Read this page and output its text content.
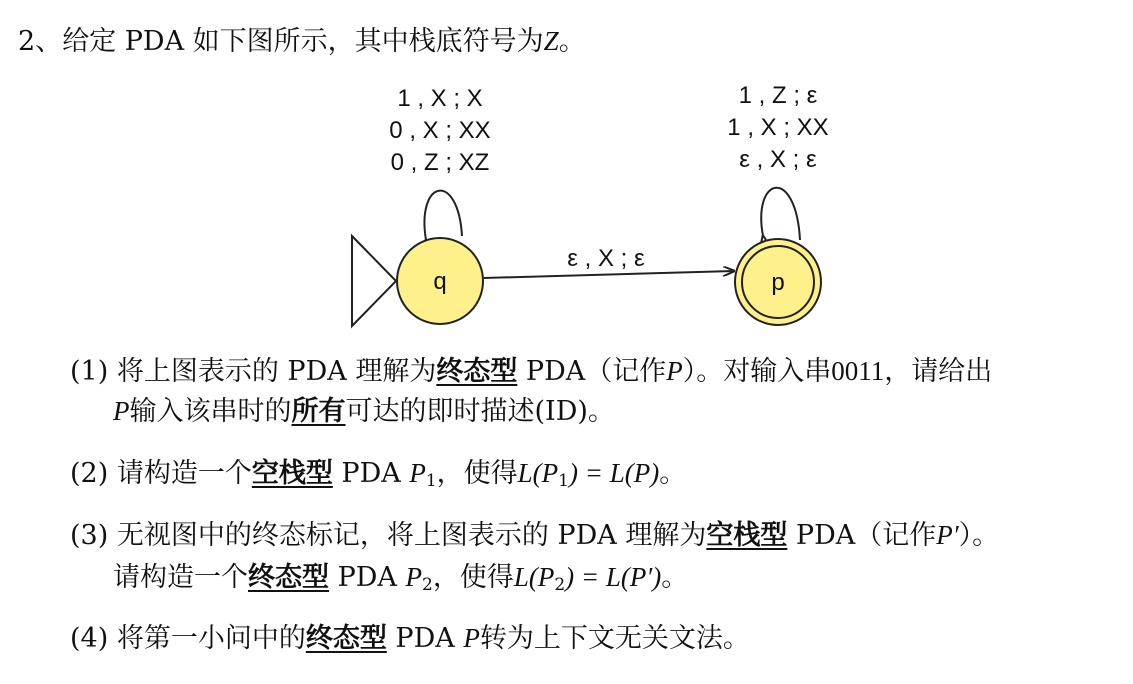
2、给定 PDA 如下图所示，其中栈底符号为Z。
1 , X ; X
0 , X ; XX
0 , Z ; XZ
1 , Z ; ε
1 , X ; XX
ε , X ; ε
ε , X ; ε
q	p
(1) 将上图表示的 PDA 理解为终态型 PDA（记作P）。对输入串0011，请给出
P输入该串时的所有可达的即时描述(ID)。
(2) 请构造一个空栈型 PDA $P_1$，使得$L(P_1) = L(P)$。
(3) 无视图中的终态标记，将上图表示的 PDA 理解为空栈型 PDA（记作P′）。
请构造一个终态型 PDA $P_2$，使得$L(P_2) = L(P')$。
(4) 将第一小问中的终态型 PDA P转为上下文无关文法。
